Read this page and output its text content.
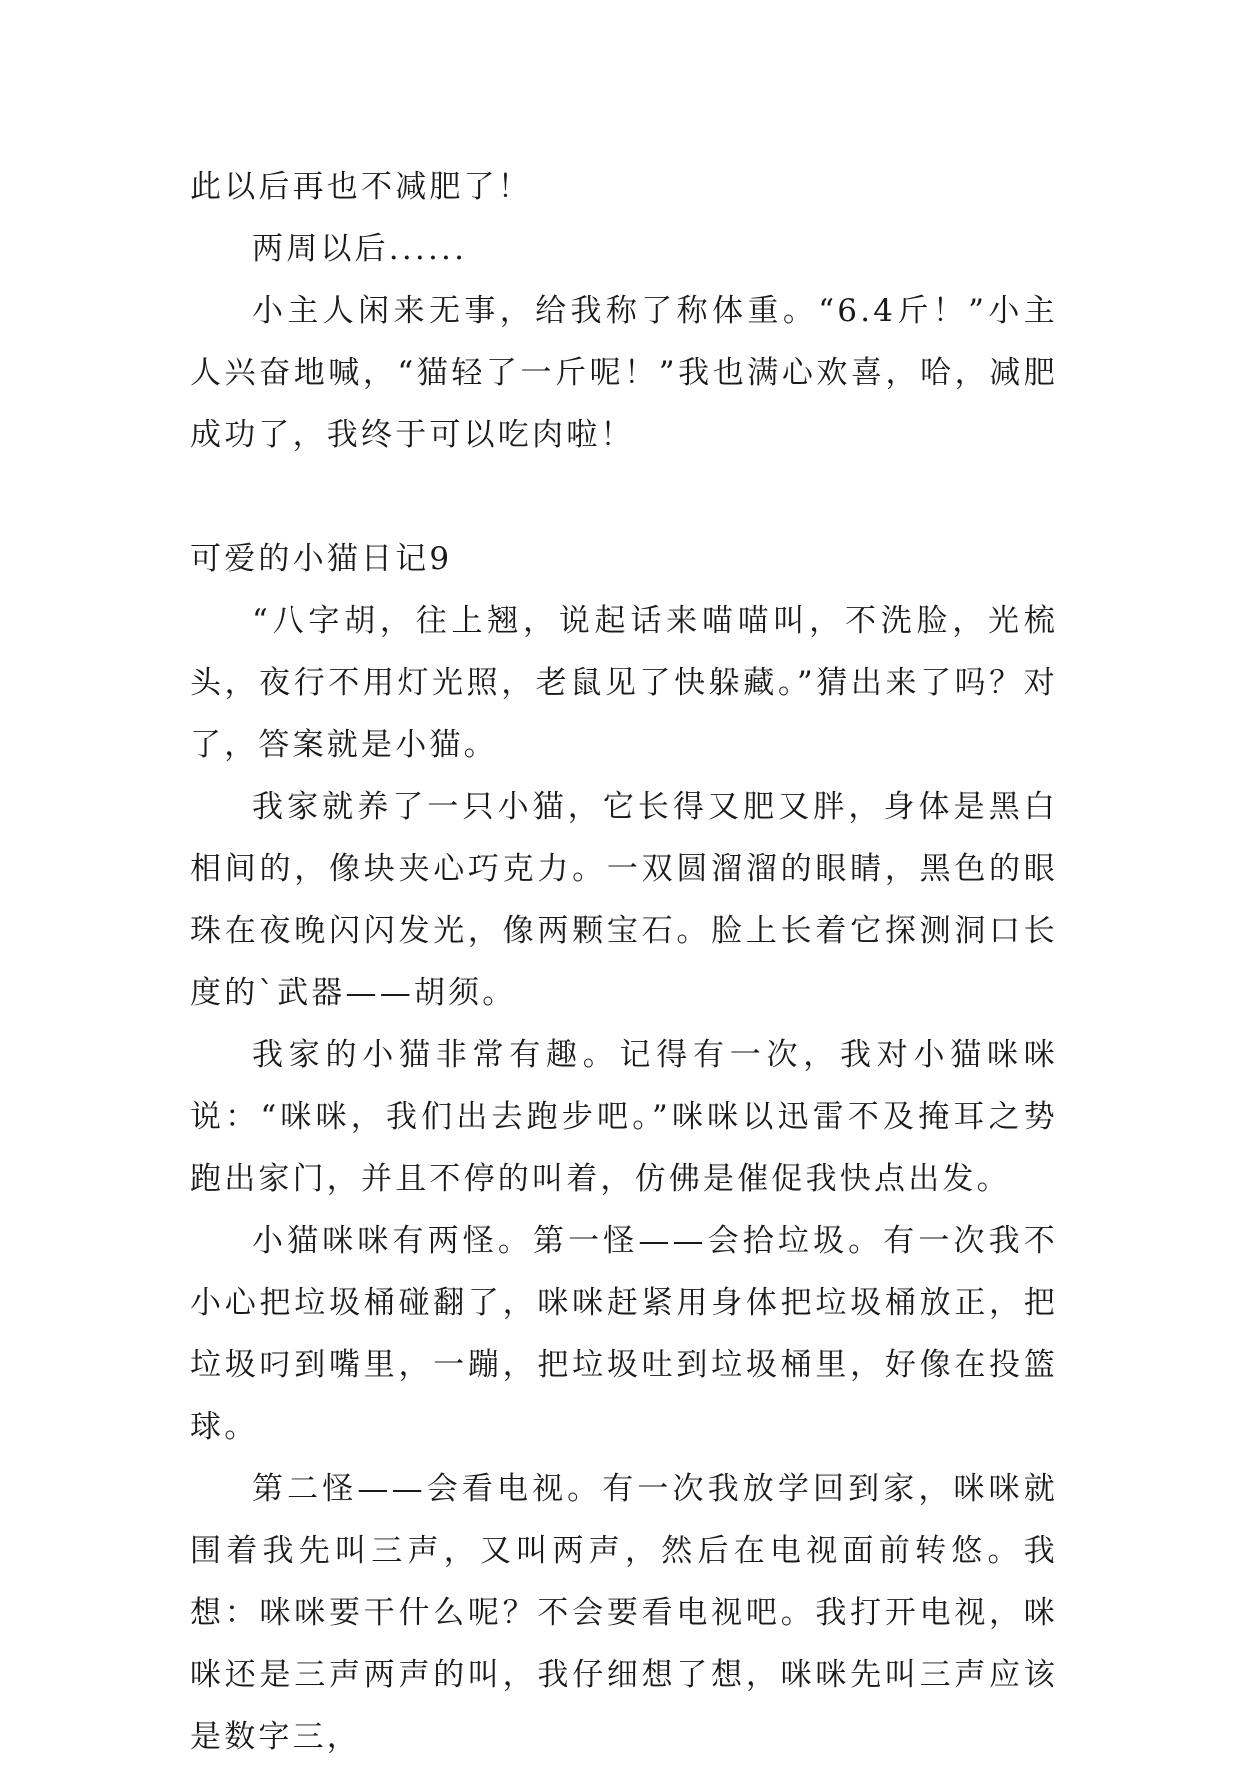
此以后再也不减肥了！

两周以后......

小主人闲来无事，给我称了称体重。“6.4斤！”小主人兴奋地喊，“猫轻了一斤呢！”我也满心欢喜，哈，减肥成功了，我终于可以吃肉啦！

可爱的小猫日记9

“八字胡，往上翘，说起话来喵喵叫，不洗脸，光梳头，夜行不用灯光照，老鼠见了快躲藏。”猜出来了吗？对了，答案就是小猫。

我家就养了一只小猫，它长得又肥又胖，身体是黑白相间的，像块夹心巧克力。一双圆溜溜的眼睛，黑色的眼珠在夜晚闪闪发光，像两颗宝石。脸上长着它探测洞口长度的`武器——胡须。

我家的小猫非常有趣。记得有一次，我对小猫咪咪说：“咪咪，我们出去跑步吧。”咪咪以迅雷不及掩耳之势跑出家门，并且不停的叫着，仿佛是催促我快点出发。

小猫咪咪有两怪。第一怪——会拾垃圾。有一次我不小心把垃圾桶碰翻了，咪咪赶紧用身体把垃圾桶放正，把垃圾叼到嘴里，一蹦，把垃圾吐到垃圾桶里，好像在投篮球。

第二怪——会看电视。有一次我放学回到家，咪咪就围着我先叫三声，又叫两声，然后在电视面前转悠。我想：咪咪要干什么呢？不会要看电视吧。我打开电视，咪咪还是三声两声的叫，我仔细想了想，咪咪先叫三声应该是数字三，
